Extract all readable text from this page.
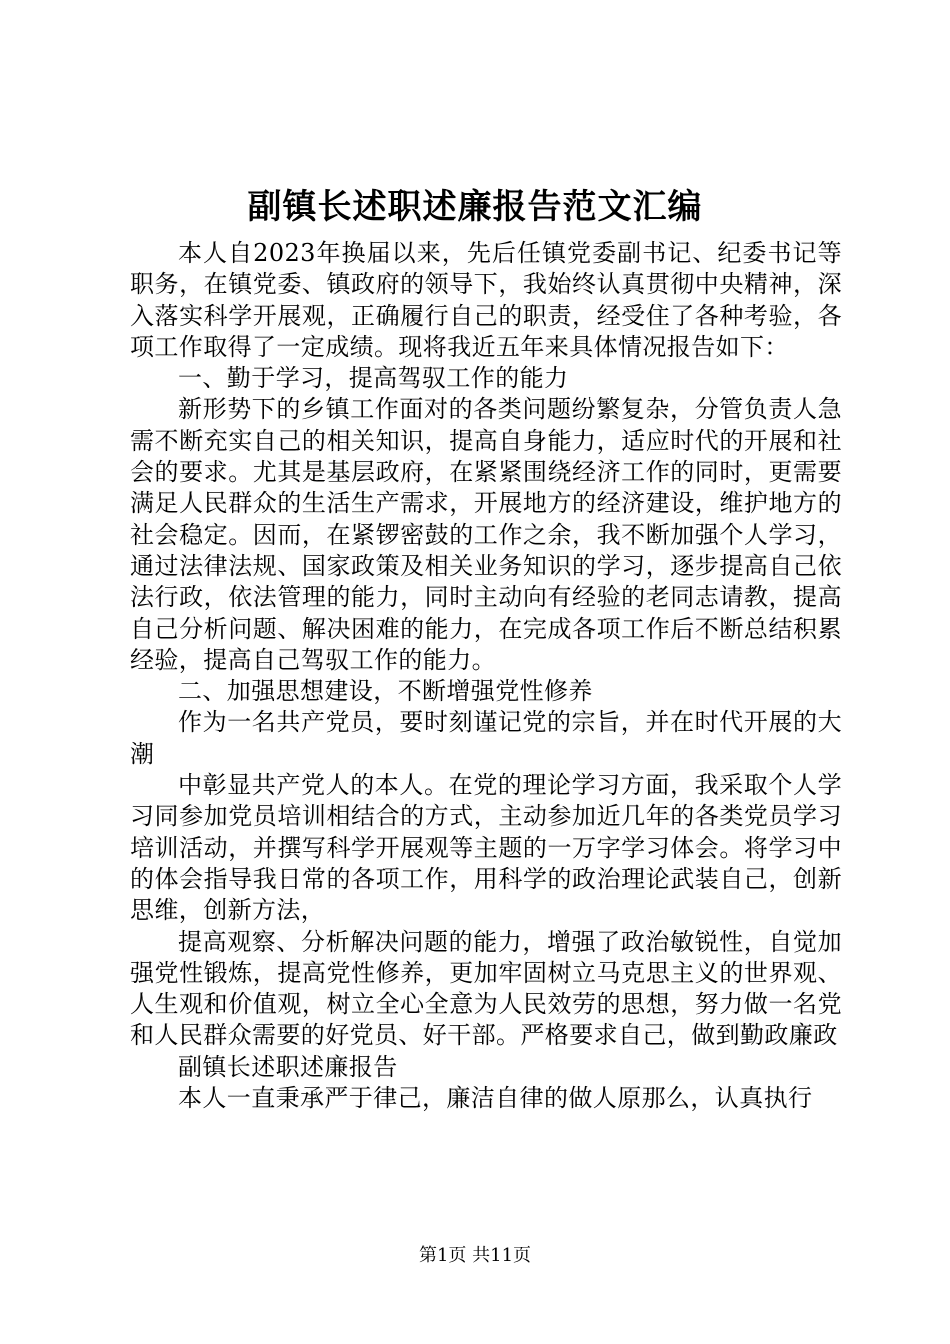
副镇长述职述廉报告范文汇编

本人自2023年换届以来，先后任镇党委副书记、纪委书记等职务，在镇党委、镇政府的领导下，我始终认真贯彻中央精神，深入落实科学开展观，正确履行自己的职责，经受住了各种考验，各项工作取得了一定成绩。现将我近五年来具体情况报告如下：

一、勤于学习，提高驾驭工作的能力

新形势下的乡镇工作面对的各类问题纷繁复杂，分管负责人急需不断充实自己的相关知识，提高自身能力，适应时代的开展和社会的要求。尤其是基层政府，在紧紧围绕经济工作的同时，更需要满足人民群众的生活生产需求，开展地方的经济建设，维护地方的社会稳定。因而，在紧锣密鼓的工作之余，我不断加强个人学习，通过法律法规、国家政策及相关业务知识的学习，逐步提高自己依法行政，依法管理的能力，同时主动向有经验的老同志请教，提高自己分析问题、解决困难的能力，在完成各项工作后不断总结积累经验，提高自己驾驭工作的能力。

二、加强思想建设，不断增强党性修养

作为一名共产党员，要时刻谨记党的宗旨，并在时代开展的大潮

中彰显共产党人的本人。在党的理论学习方面，我采取个人学习同参加党员培训相结合的方式，主动参加近几年的各类党员学习培训活动，并撰写科学开展观等主题的一万字学习体会。将学习中的体会指导我日常的各项工作，用科学的政治理论武装自己，创新思维，创新方法，

提高观察、分析解决问题的能力，增强了政治敏锐性，自觉加强党性锻炼，提高党性修养，更加牢固树立马克思主义的世界观、人生观和价值观，树立全心全意为人民效劳的思想，努力做一名党和人民群众需要的好党员、好干部。严格要求自己，做到勤政廉政

副镇长述职述廉报告

本人一直秉承严于律己，廉洁自律的做人原那么，认真执行

第1页 共11页
